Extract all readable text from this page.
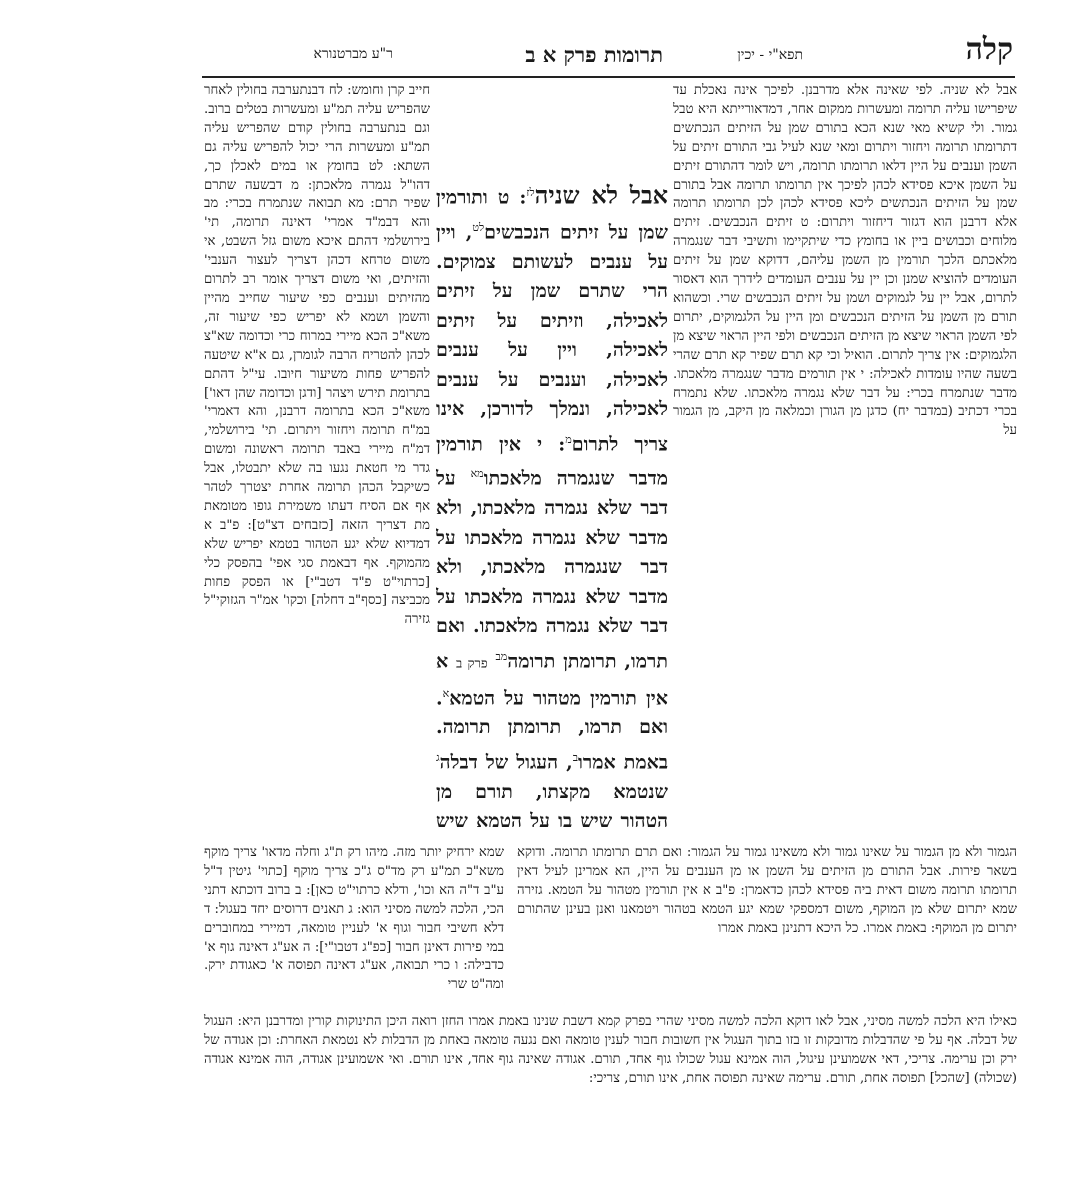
קלה
ר"ע מברטנורא	תרומות פרק א ב	תפא"י - יכין
אבל לא שניה. לפי שאינה אלא מדרבנן. לפיכך אינה נאכלת עד שיפרישו עליה תרומה ומעשרות ממקום אחר, דמדאורייתא היא טבל גמור. ולי קשיא מאי שנא הכא בתורם שמן על הזיתים הנכתשים דתרומתו תרומה ויחזור ויתרום ומאי שנא לעיל גבי התורם זיתים על השמן וענבים על היין דלאו תרומתו תרומה, ויש לומר דהתורם זיתים על השמן איכא פסידא לכהן לפיכך אין תרומתו תרומה אבל בתורם שמן על הזיתים הנכתשים ליכא פסידא לכהן לכן תרומתו תרומה אלא דרבנן הוא דגזור דיחזור ויתרום: ט זיתים הנכבשים. זיתים מלוחים וכבושים ביין או בחומץ כדי שיתקיימו ותשיבי דבר שנגמרה מלאכתם הלכך תורמין מן השמן עליהם, דדוקא שמן על זיתים העומדים להוציא שמנן וכן יין על ענבים העומדים לידרך הוא דאסור לתרום, אבל יין על לגמוקים ושמן על זיתים הנכבשים שרי. וכשהוא תורם מן השמן על הזיתים הנכבשים ומן היין על הלגמוקים, יתרום לפי השמן הראוי שיצא מן הזיתים הנכבשים ולפי היין הראוי שיצא מן הלגמוקים: אין צריך לתרום. הואיל וכי קא תרם שפיר קא תרם שהרי בשעה שהיו עומדות לאכילה: י אין תורמים מדבר שנגמרה מלאכתו. מדבר שנתמרח בכרי: על דבר שלא נגמרה מלאכתו. שלא נתמרח בכרי דכתיב (במדבר יח) כדגן מן הגורן וכמלאה מן היקב, מן הגמור על
אבל לא שניה$^{לז}$: ט ותורמין שמן על זיתים הנכבשים$^{לט}$, ויין על ענבים לעשותם צמוקים. הרי שתרם שמן על זיתים לאכילה, וזיתים על זיתים לאכילה, ויין על ענבים לאכילה, וענבים על ענבים לאכילה, ונמלך לדורכן, אינו צריך לתרום$^מ$: י אין תורמין מדבר שנגמרה מלאכתו$^{מא}$ על דבר שלא נגמרה מלאכתו, ולא מדבר שלא נגמרה מלאכתו על דבר שנגמרה מלאכתו, ולא מדבר שלא נגמרה מלאכתו על דבר שלא נגמרה מלאכתו. ואם תרמו, תרומתן תרומה$^{מב}$ פרק ב א אין תורמין מטהור על הטמא$^א$. ואם תרמו, תרומתן תרומה. באמת אמרו$^ב$, העגול של דבלה$^ג$ שנטמא מקצתו, תורם מן הטהור שיש בו על הטמא שיש
חייב קרן וחומש: לח דבנתערבה בחולין לאחר שהפריש עליה תמ"ע ומעשרות בטלים ברוב. וגם בנתערבה בחולין קודם שהפריש עליה תמ"ע ומעשרות הרי יכול להפריש עליה גם השתא: לט בחומץ או במים לאכלן כך, דהו"ל נגמרה מלאכתן: מ דבשעה שתרם שפיר תרם: מא תבואה שנתמרח בכרי: מב והא דבמ"ד אמרי' דאינה תרומה, תי' בירושלמי דהתם איכא משום גזל השבט, אי משום טרחא דכהן דצריך לעצור הענבי' והזיתים, ואי משום דצריך אומר רב לתרום מהזיתים וענבים כפי שיעור שחייב מהיין והשמן ושמא לא יפריש כפי שיעור זה, משא"כ הכא מיירי במרוח כרי וכדומה שא"צ לכהן להטריח הרבה לגומרן, גם א"א שיטעה להפריש פחות משיעור חיובו. עי"ל דהתם בתרומת תירש ויצהר [ודגן וכדומה שהן דאו'] משא"כ הכא בתרומה דרבנן, והא דאמרי' במ"ח תרומה ויחזור ויתרום. תי' בירושלמי, דמ"ח מיירי באבד תרומה ראשונה ומשום גדר מי חטאת נגעו בה שלא יתבטלו, אבל כשיקבל הכהן תרומה אחרת יצטרך לטהר אף אם הסיח דעתו משמירת גופו מטומאת מת דצריך הזאה [כזבחים דצ"ט]: פ"ב א דמדיוא שלא יגע הטהור בטמא יפריש שלא מהמוקף. אף דבאמת סגי אפי' בהפסק כלי [כרתוי"ט פ"ד דטב"י] או הפסק פחות מכביצה [כסף"ב דחלה] וכקו' אמ"ר הגזוקי"ל גזירה
הגמור ולא מן הגמור על שאינו גמור ולא משאינו גמור על הגמור: ואם תרם תרומתו תרומה. ודוקא בשאר פירות. אבל התורם מן הזיתים על השמן או מן הענבים על היין, הא אמרינן לעיל דאין תרומתו תרומה משום דאית ביה פסידא לכהן כדאמרן: פ"ב א אין תורמין מטהור על הטמא. גזירה שמא יתרום שלא מן המוקף, משום דמספקי שמא יגע הטמא בטהור ויטמאנו ואנן בעינן שהתורם יתרום מן המוקף: באמת אמרו. כל היכא דתנינן באמת אמרו
שמא ירחיק יותר מזה. מיהו רק ת"ג וחלה מדאו' צריך מוקף משא"כ תמ"ע רק מד"ס ג"כ צריך מוקף [כתוי' גיטין ד"ל ע"ב ד"ה הא וכו', ודלא כרתוי"ט כאן]: ב ברוב דוכתא דתני הכי, הלכה למשה מסיני הוא: ג תאנים דרוסים יחד בעגול: ד דלא חשיבי חבור וגוף א' לעניין טומאה, דמיירי במחוברים במי פירות דאינן חבור [כפ"ג דטבו"י]: ה אע"ג דאינה גוף א' כדבילה: ו כרי תבואה, אע"ג דאינה תפוסה א' כאגודת ירק. ומה"ט שרי
כאילו היא הלכה למשה מסיני, אבל לאו דוקא הלכה למשה מסיני שהרי בפרק קמא דשבת שנינו באמת אמרו החזן רואה היכן התינוקות קורין ומדרבנן היא: העגול של דבלה. אף על פי שהדבלות מדובקות זו בזו בתוך העגול אין חשובות חבור לענין טומאה ואם נגעה טומאה באחת מן הדבלות לא נטמאת האחרת: וכן אגודה של ירק וכן ערימה. צריכי, דאי אשמועינן עיגול, הוה אמינא עגול שכולו גוף אחד, תורם. אגודה שאינה גוף אחד, אינו תורם. ואי אשמועינן אגודה, הוה אמינא אגודה (שכולה) [שהכל] תפוסה אחת, תורם. ערימה שאינה תפוסה אחת, אינו תורם, צריכי:
